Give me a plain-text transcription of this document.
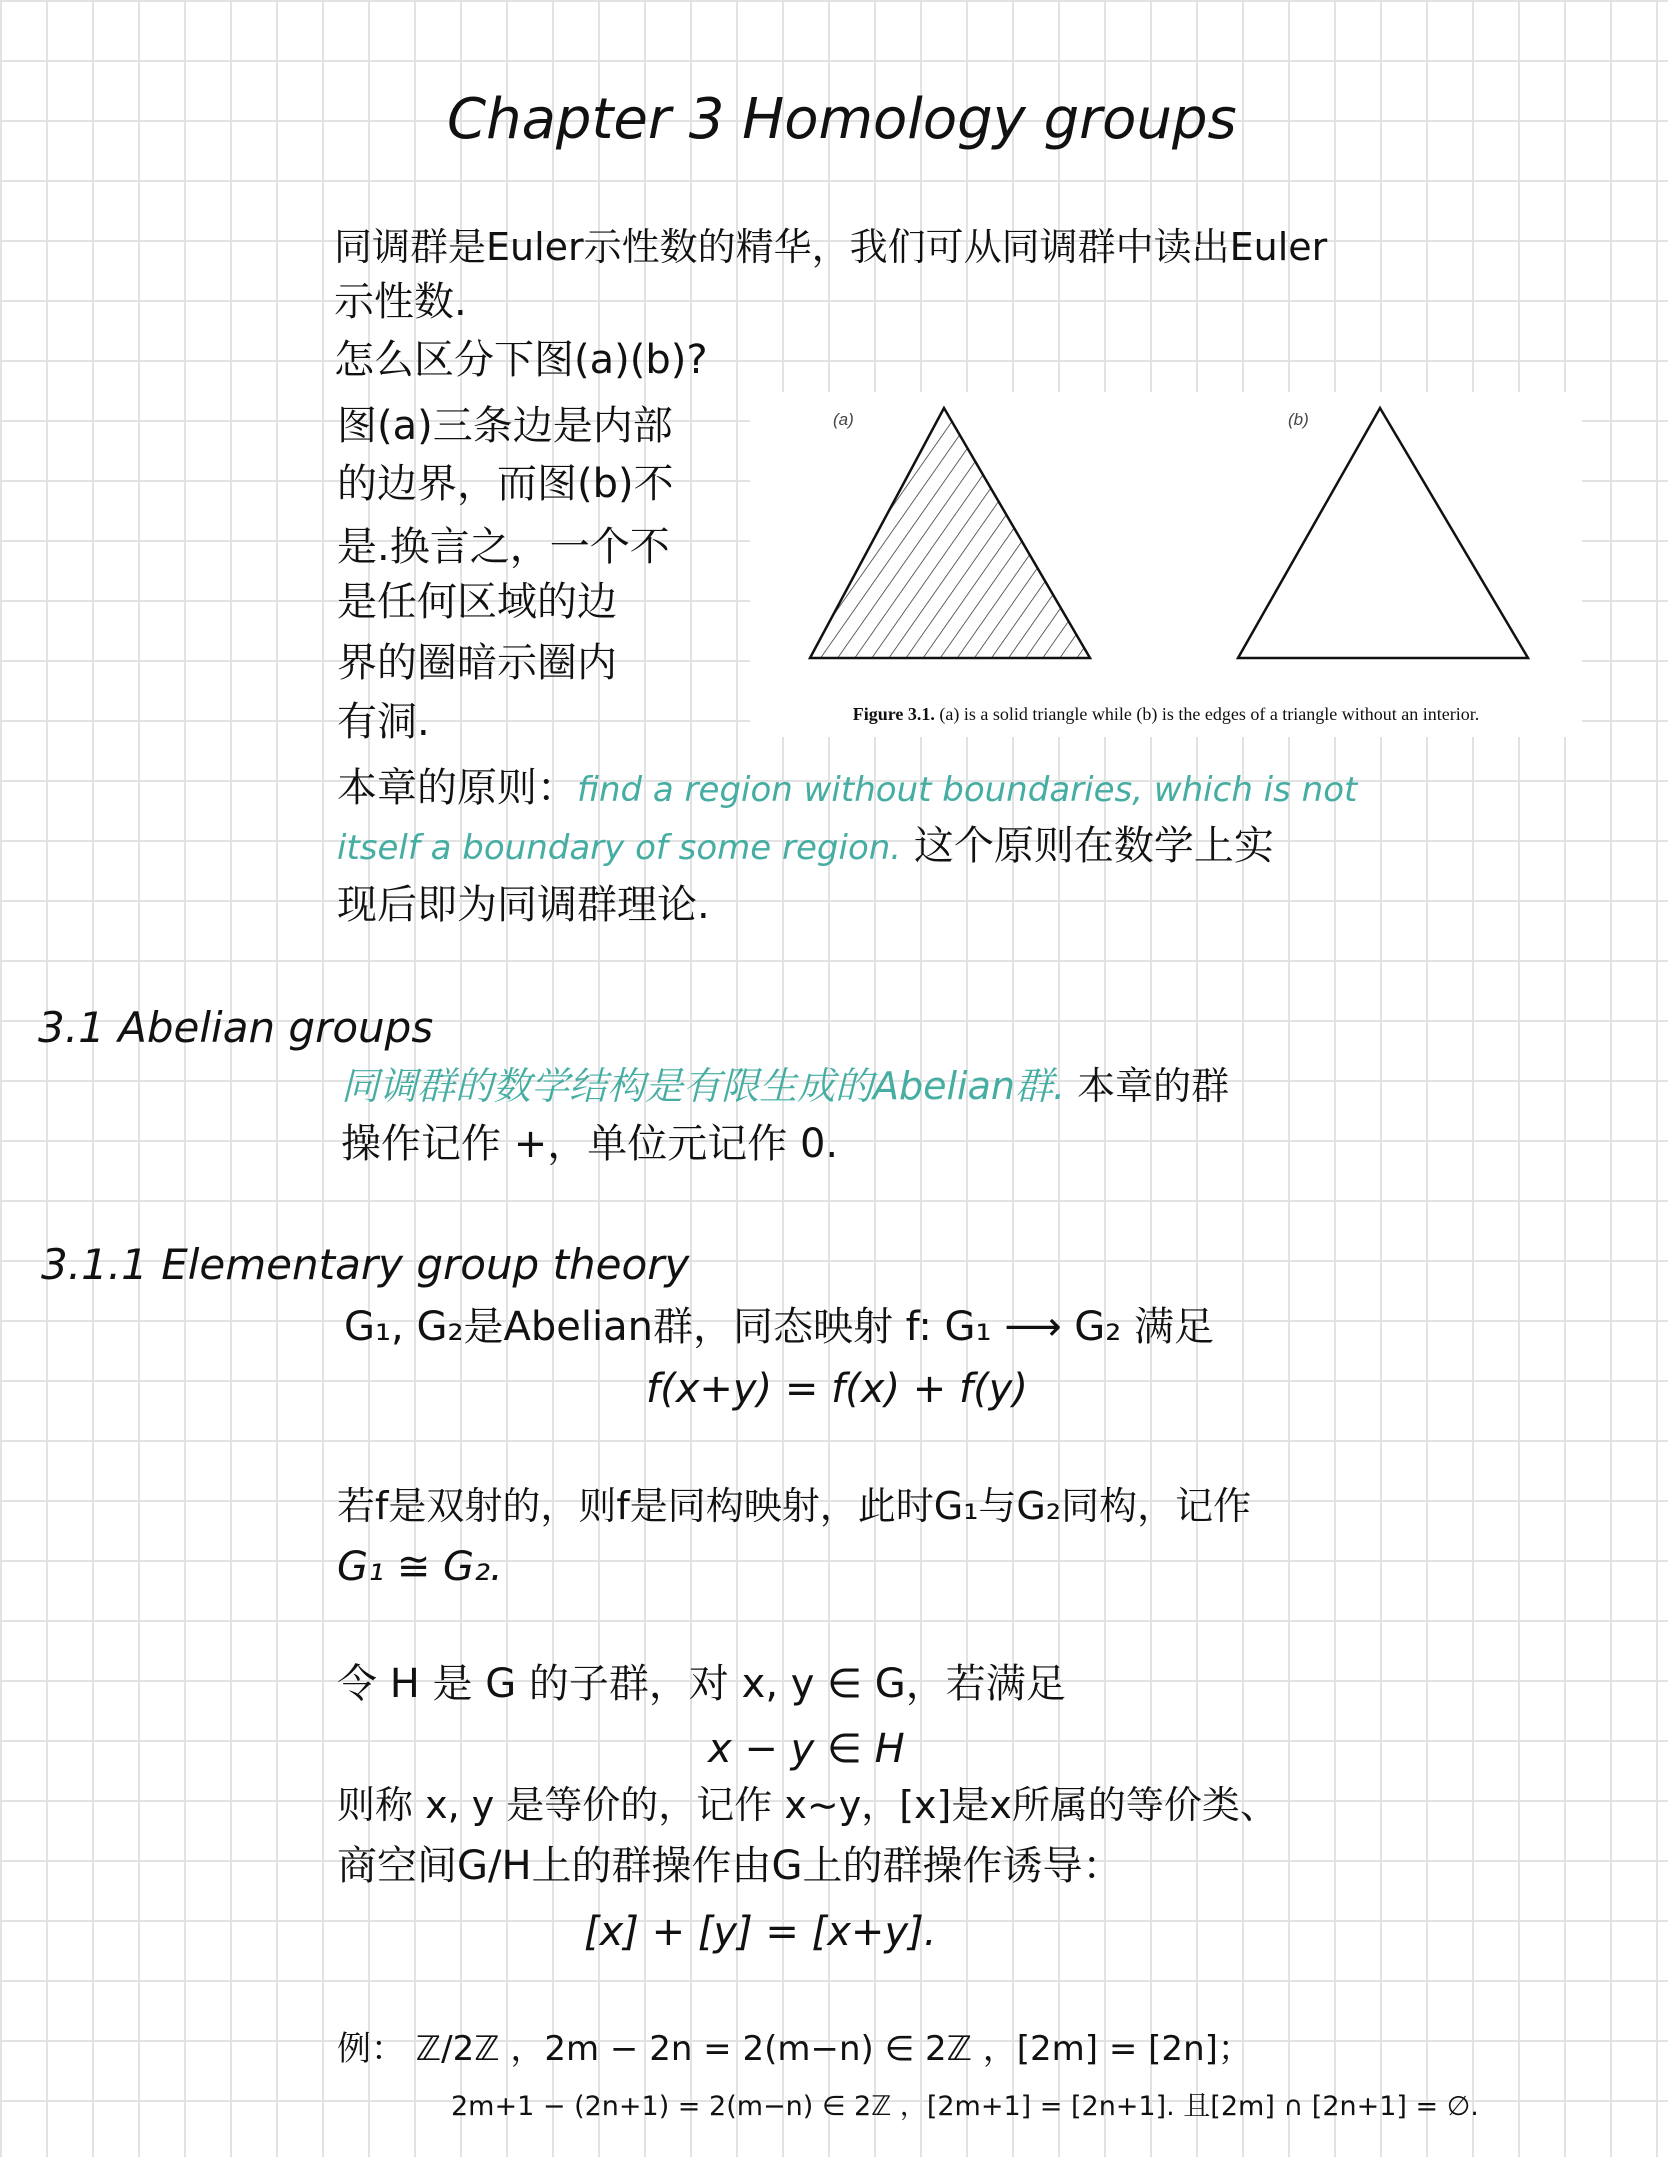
Chapter 3 Homology groups
同调群是Euler示性数的精华，我们可从同调群中读出Euler
示性数.
怎么区分下图(a)(b)?
图(a)三条边是内部
的边界，而图(b)不
是.换言之，一个不
是任何区域的边
界的圈暗示圈内
有洞.
(a)	(b)
Figure 3.1. (a) is a solid triangle while (b) is the edges of a triangle without an interior.
本章的原则：find a region without boundaries, which is not
itself a boundary of some region. 这个原则在数学上实
现后即为同调群理论.
3.1 Abelian groups
同调群的数学结构是有限生成的Abelian群. 本章的群
操作记作 +，单位元记作 0.
3.1.1 Elementary group theory
G₁, G₂是Abelian群，同态映射 f: G₁ ⟶ G₂ 满足
f(x+y) = f(x) + f(y)
若f是双射的，则f是同构映射，此时G₁与G₂同构，记作
G₁ ≅ G₂.
令 H 是 G 的子群，对 x, y ∈ G，若满足
x − y ∈ H
则称 x, y 是等价的，记作 x∼y，[x]是x所属的等价类、
商空间G/H上的群操作由G上的群操作诱导：
[x] + [y] = [x+y].
例： ℤ/2ℤ ，2m − 2n = 2(m−n) ∈ 2ℤ ，[2m] = [2n]；
2m+1 − (2n+1) = 2(m−n) ∈ 2ℤ ，[2m+1] = [2n+1]. 且[2m] ∩ [2n+1] = ∅.
